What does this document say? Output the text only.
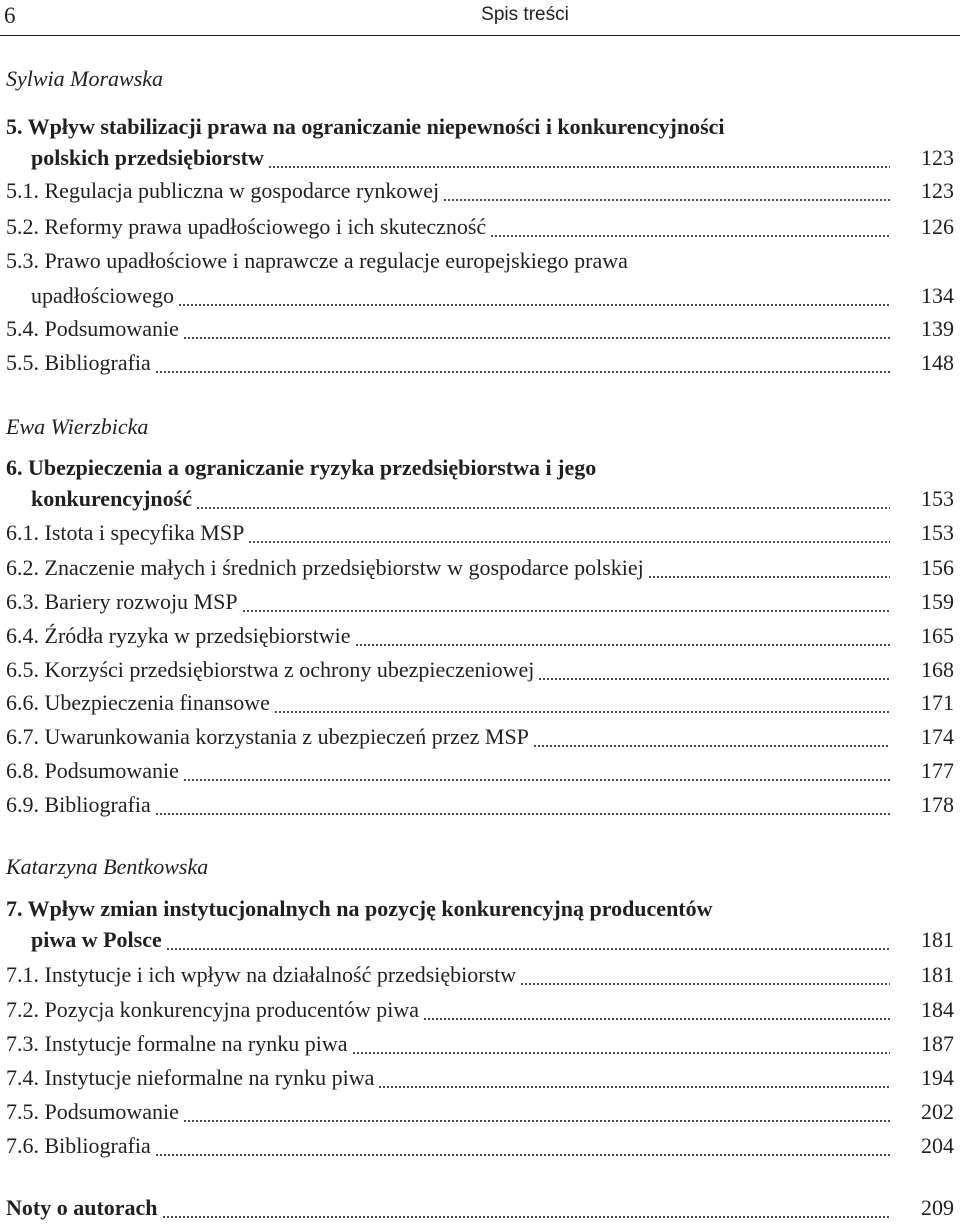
6	Spis treści
Sylwia Morawska
5. Wpływ stabilizacji prawa na ograniczanie niepewności i konkurencyjności
polskich przedsiębiorstw	123
5.1. Regulacja publiczna w gospodarce rynkowej	123
5.2. Reformy prawa upadłościowego i ich skuteczność	126
5.3. Prawo upadłościowe i naprawcze a regulacje europejskiego prawa
upadłościowego	134
5.4. Podsumowanie	139
5.5. Bibliografia	148
Ewa Wierzbicka
6. Ubezpieczenia a ograniczanie ryzyka przedsiębiorstwa i jego
konkurencyjność	153
6.1. Istota i specyfika MSP	153
6.2. Znaczenie małych i średnich przedsiębiorstw w gospodarce polskiej	156
6.3. Bariery rozwoju MSP	159
6.4. Źródła ryzyka w przedsiębiorstwie	165
6.5. Korzyści przedsiębiorstwa z ochrony ubezpieczeniowej	168
6.6. Ubezpieczenia finansowe	171
6.7. Uwarunkowania korzystania z ubezpieczeń przez MSP	174
6.8. Podsumowanie	177
6.9. Bibliografia	178
Katarzyna Bentkowska
7. Wpływ zmian instytucjonalnych na pozycję konkurencyjną producentów
piwa w Polsce	181
7.1. Instytucje i ich wpływ na działalność przedsiębiorstw	181
7.2. Pozycja konkurencyjna producentów piwa	184
7.3. Instytucje formalne na rynku piwa	187
7.4. Instytucje nieformalne na rynku piwa	194
7.5. Podsumowanie	202
7.6. Bibliografia	204
Noty o autorach	209
